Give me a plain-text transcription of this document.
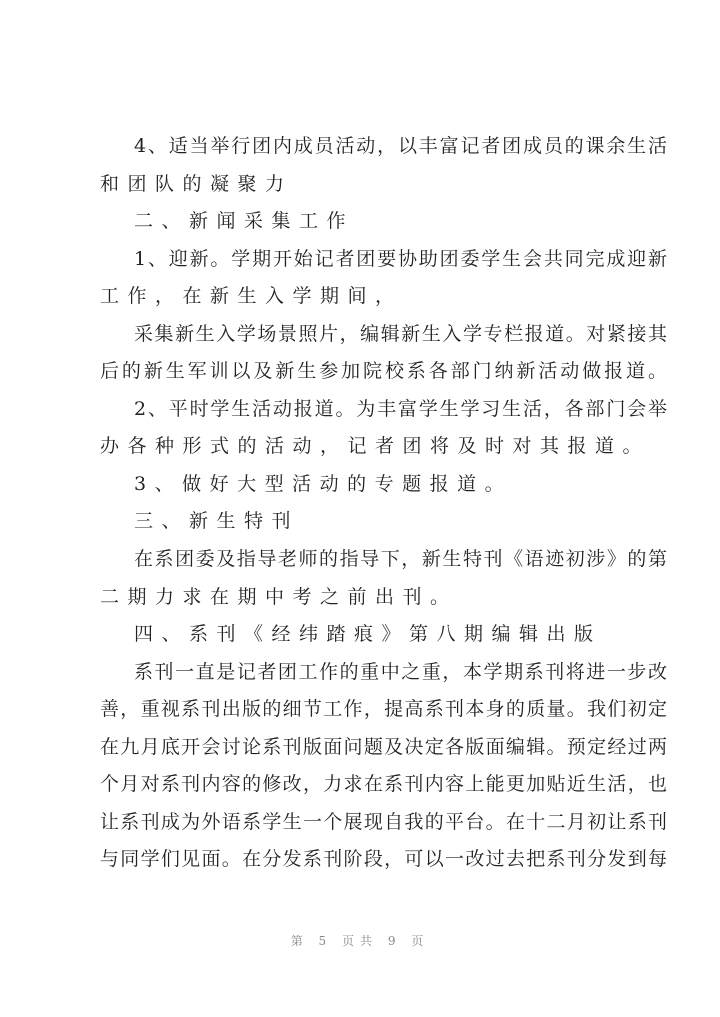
4、适当举行团内成员活动，以丰富记者团成员的课余生活
和团队的凝聚力
二、新闻采集工作
1、迎新。学期开始记者团要协助团委学生会共同完成迎新
工作，在新生入学期间，
采集新生入学场景照片，编辑新生入学专栏报道。对紧接其
后的新生军训以及新生参加院校系各部门纳新活动做报道。
2、平时学生活动报道。为丰富学生学习生活，各部门会举
办各种形式的活动，记者团将及时对其报道。
3、做好大型活动的专题报道。
三、新生特刊
在系团委及指导老师的指导下，新生特刊《语迹初涉》的第
二期力求在期中考之前出刊。
四、系刊《经纬踏痕》第八期编辑出版
系刊一直是记者团工作的重中之重，本学期系刊将进一步改
善，重视系刊出版的细节工作，提高系刊本身的质量。我们初定
在九月底开会讨论系刊版面问题及决定各版面编辑。预定经过两
个月对系刊内容的修改，力求在系刊内容上能更加贴近生活，也
让系刊成为外语系学生一个展现自我的平台。在十二月初让系刊
与同学们见面。在分发系刊阶段，可以一改过去把系刊分发到每
第 5 页共 9 页
